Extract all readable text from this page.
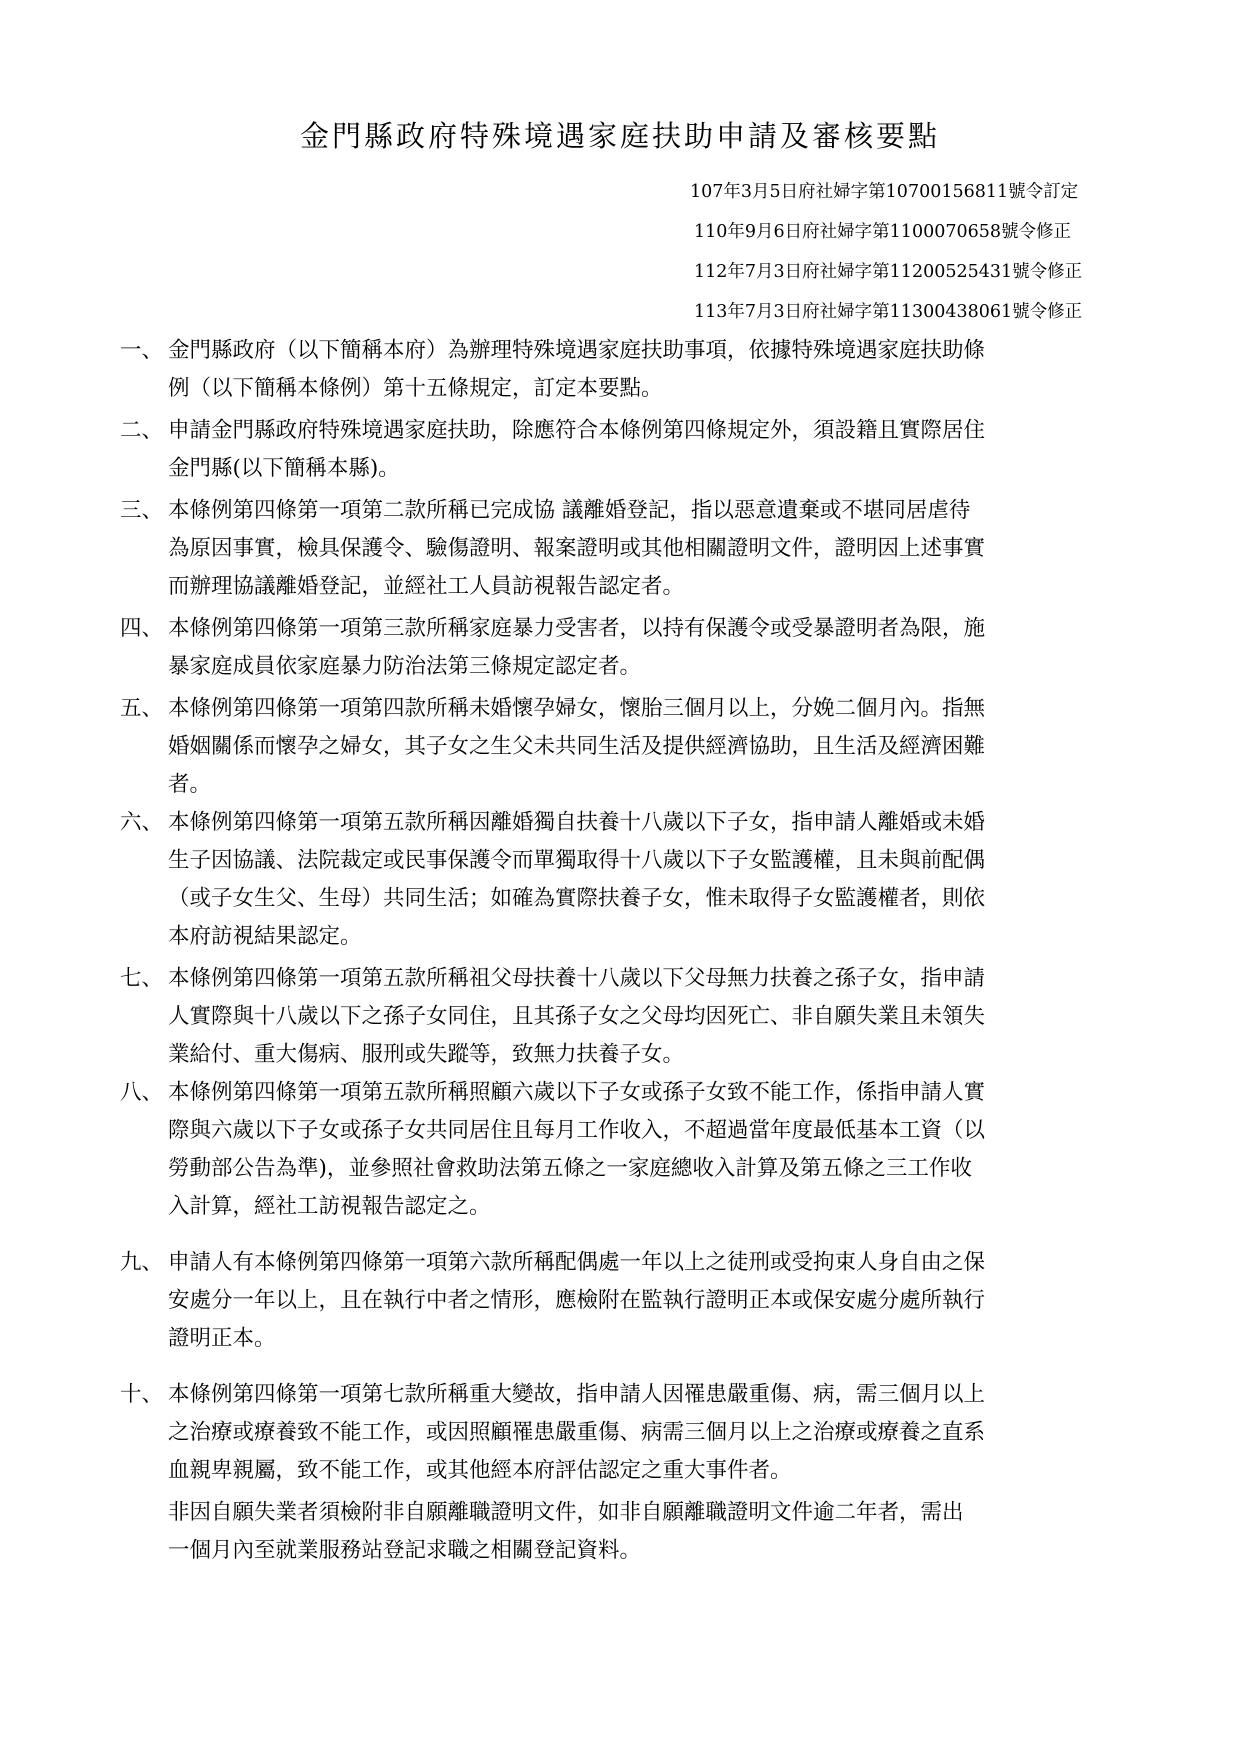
金門縣政府特殊境遇家庭扶助申請及審核要點
107年3月5日府社婦字第10700156811號令訂定
110年9月6日府社婦字第1100070658號令修正
112年7月3日府社婦字第11200525431號令修正
113年7月3日府社婦字第11300438061號令修正
一、 金門縣政府（以下簡稱本府）為辦理特殊境遇家庭扶助事項，依據特殊境遇家庭扶助條
例（以下簡稱本條例）第十五條規定，訂定本要點。
二、 申請金門縣政府特殊境遇家庭扶助，除應符合本條例第四條規定外，須設籍且實際居住
金門縣(以下簡稱本縣)。
三、 本條例第四條第一項第二款所稱已完成協 議離婚登記，指以惡意遺棄或不堪同居虐待
為原因事實，檢具保護令、驗傷證明、報案證明或其他相關證明文件，證明因上述事實
而辦理協議離婚登記，並經社工人員訪視報告認定者。
四、 本條例第四條第一項第三款所稱家庭暴力受害者，以持有保護令或受暴證明者為限，施
暴家庭成員依家庭暴力防治法第三條規定認定者。
五、 本條例第四條第一項第四款所稱未婚懷孕婦女，懷胎三個月以上，分娩二個月內。指無
婚姻關係而懷孕之婦女，其子女之生父未共同生活及提供經濟協助，且生活及經濟困難
者。
六、 本條例第四條第一項第五款所稱因離婚獨自扶養十八歲以下子女，指申請人離婚或未婚
生子因協議、法院裁定或民事保護令而單獨取得十八歲以下子女監護權，且未與前配偶
（或子女生父、生母）共同生活；如確為實際扶養子女，惟未取得子女監護權者，則依
本府訪視結果認定。
七、 本條例第四條第一項第五款所稱祖父母扶養十八歲以下父母無力扶養之孫子女，指申請
人實際與十八歲以下之孫子女同住，且其孫子女之父母均因死亡、非自願失業且未領失
業給付、重大傷病、服刑或失蹤等，致無力扶養子女。
八、 本條例第四條第一項第五款所稱照顧六歲以下子女或孫子女致不能工作，係指申請人實
際與六歲以下子女或孫子女共同居住且每月工作收入，不超過當年度最低基本工資（以
勞動部公告為準)，並參照社會救助法第五條之一家庭總收入計算及第五條之三工作收
入計算，經社工訪視報告認定之。
九、 申請人有本條例第四條第一項第六款所稱配偶處一年以上之徒刑或受拘束人身自由之保
安處分一年以上，且在執行中者之情形，應檢附在監執行證明正本或保安處分處所執行
證明正本。
十、 本條例第四條第一項第七款所稱重大變故，指申請人因罹患嚴重傷、病，需三個月以上
之治療或療養致不能工作，或因照顧罹患嚴重傷、病需三個月以上之治療或療養之直系
血親卑親屬，致不能工作，或其他經本府評估認定之重大事件者。
非因自願失業者須檢附非自願離職證明文件，如非自願離職證明文件逾二年者，需出
一個月內至就業服務站登記求職之相關登記資料。
